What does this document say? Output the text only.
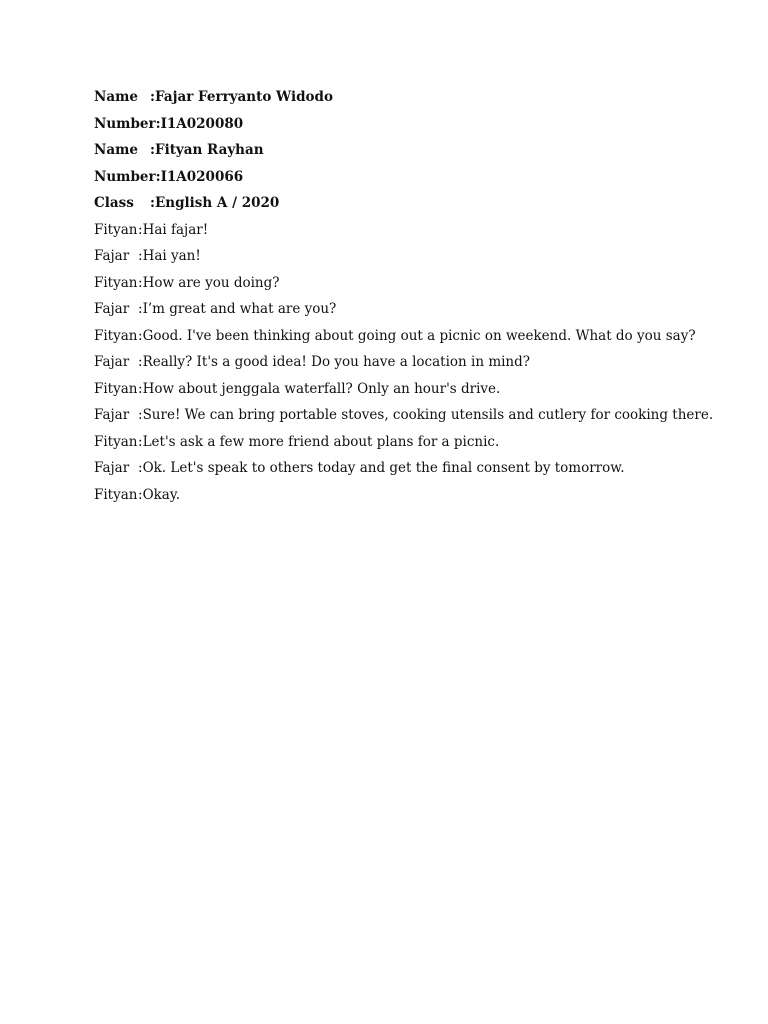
Name : Fajar Ferryanto Widodo
Number : I1A020080
Name : Fityan Rayhan
Number : I1A020066
Class	: English A / 2020
Fityan : Hai fajar!
Fajar : Hai yan!
Fityan : How are you doing?
Fajar : I’m great and what are you?
Fityan : Good. I've been thinking about going out a picnic on weekend. What do you say?
Fajar : Really? It's a good idea! Do you have a location in mind?
Fityan : How about jenggala waterfall? Only an hour's drive.
Fajar : Sure! We can bring portable stoves, cooking utensils and cutlery for cooking there.
Fityan : Let's ask a few more friend about plans for a picnic.
Fajar : Ok. Let's speak to others today and get the final consent by tomorrow.
Fityan : Okay.
